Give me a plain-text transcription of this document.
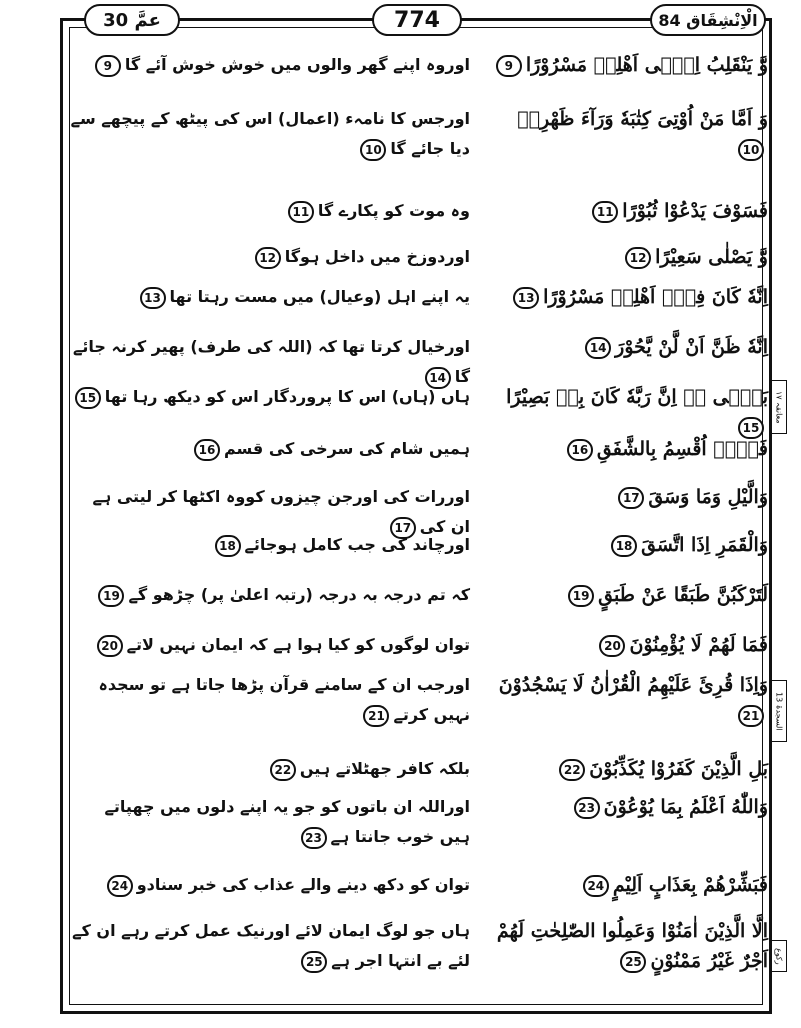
عمَّ 30	774	الْاِنْشِقَاق 84
معانقہ ۱۷
السجدۃ 13
رکوع
وَّ يَنْقَلِبُ اِلٰۤى اَهْلِهٖ مَسْرُوْرًا9
اوروہ اپنے گھر والوں میں خوش خوش آئے گا9
وَ اَمَّا مَنْ اُوْتِیَ كِتٰبَهٗ وَرَآءَ ظَهْرِهٖ10
اورجس کا نامہء (اعمال) اس کی پیٹھ کے پیچھے سے دیا جائے گا10
فَسَوْفَ يَدْعُوْا ثُبُوْرًا11
وہ موت کو پکارے گا11
وَّ يَصْلٰى سَعِيْرًا12
اوردوزخ میں داخل ہوگا12
اِنَّهٗ كَانَ فِیْۤ اَهْلِهٖ مَسْرُوْرًا13
یہ اپنے اہل (وعیال) میں مست رہتا تھا13
اِنَّهٗ ظَنَّ اَنْ لَّنْ يَّحُوْرَ14
اورخیال کرتا تھا کہ (اللہ کی طرف) پھیر کرنہ جائے گا14
بَلٰۤى ۚۛ اِنَّ رَبَّهٗ كَانَ بِهٖ بَصِيْرًا15
ہاں (ہاں) اس کا پروردگار اس کو دیکھ رہا تھا15
فَلَاۤ اُقْسِمُ بِالشَّفَقِ16
ہمیں شام کی سرخی کی قسم16
وَالَّيْلِ وَمَا وَسَقَ17
اوررات کی اورجن چیزوں کووہ اکٹھا کر لیتی ہے ان کی17
وَالْقَمَرِ اِذَا اتَّسَقَ18
اورچاند کی جب کامل ہوجائے18
لَتَرْكَبُنَّ طَبَقًا عَنْ طَبَقٍ19
کہ تم درجہ بہ درجہ (رتبہ اعلیٰ پر) چڑھو گے19
فَمَا لَهُمْ لَا يُؤْمِنُوْنَ20
توان لوگوں کو کیا ہوا ہے کہ ایمان نہیں لاتے20
وَاِذَا قُرِئَ عَلَيْهِمُ الْقُرْاٰنُ لَا يَسْجُدُوْنَ21
اورجب ان کے سامنے قرآن پڑھا جاتا ہے تو سجدہ نہیں کرتے21
بَلِ الَّذِيْنَ كَفَرُوْا يُكَذِّبُوْنَ22
بلکہ کافر جھٹلاتے ہیں22
وَاللّٰهُ اَعْلَمُ بِمَا يُوْعُوْنَ23
اوراللہ ان باتوں کو جو یہ اپنے دلوں میں چھپاتے ہیں خوب جانتا ہے23
فَبَشِّرْهُمْ بِعَذَابٍ اَلِيْمٍ24
توان کو دکھ دینے والے عذاب کی خبر سنادو24
اِلَّا الَّذِيْنَ اٰمَنُوْا وَعَمِلُوا الصّٰلِحٰتِ لَهُمْ اَجْرٌ غَيْرُ مَمْنُوْنٍ25
ہاں جو لوگ ایمان لائے اورنیک عمل کرتے رہے ان کے لئے بے انتہا اجر ہے25
